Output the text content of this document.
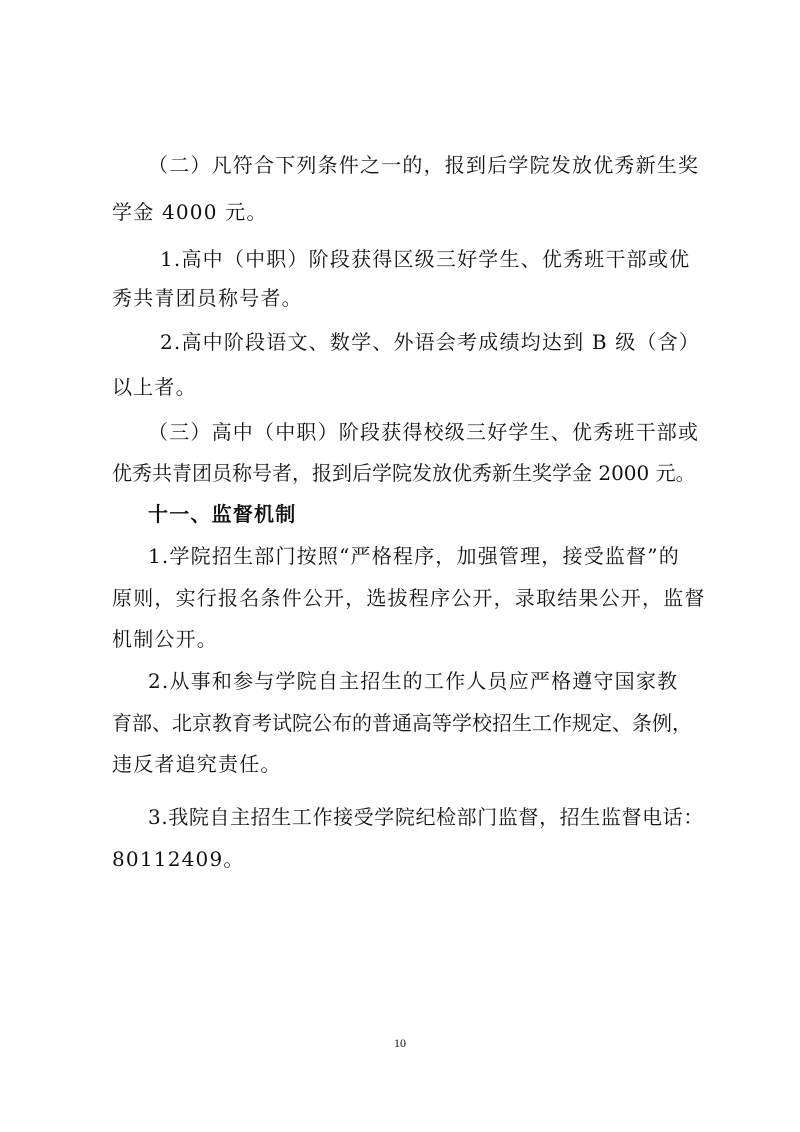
（二）凡符合下列条件之一的，报到后学院发放优秀新生奖
学金 4000 元。
1.高中（中职）阶段获得区级三好学生、优秀班干部或优
秀共青团员称号者。
2.高中阶段语文、数学、外语会考成绩均达到 B 级（含）
以上者。
（三）高中（中职）阶段获得校级三好学生、优秀班干部或
优秀共青团员称号者，报到后学院发放优秀新生奖学金 2000 元。
十一、监督机制
1.学院招生部门按照“严格程序，加强管理，接受监督”的
原则，实行报名条件公开，选拔程序公开，录取结果公开，监督
机制公开。
2.从事和参与学院自主招生的工作人员应严格遵守国家教
育部、北京教育考试院公布的普通高等学校招生工作规定、条例，
违反者追究责任。
3.我院自主招生工作接受学院纪检部门监督，招生监督电话：
80112409。
10
